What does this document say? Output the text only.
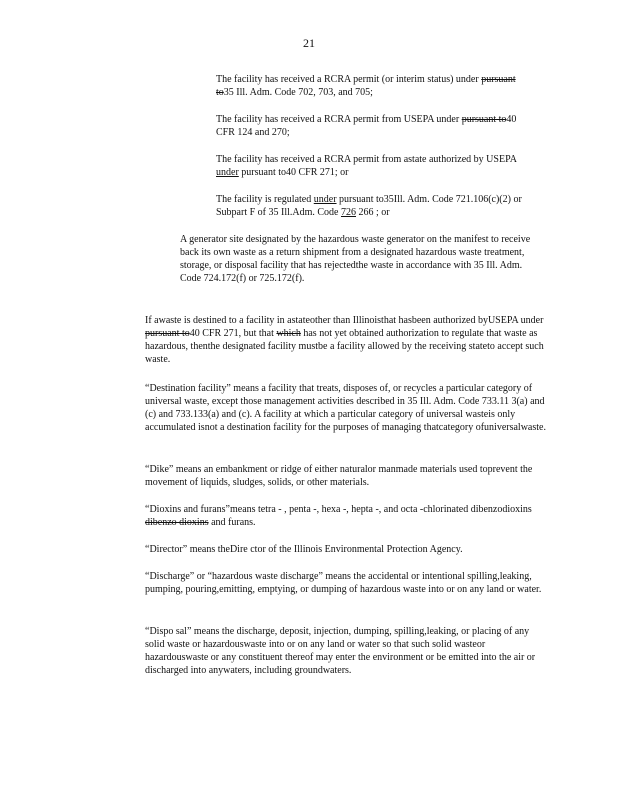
21

The facility has received a RCRA permit (or interim status) under pursuant to35 Ill. Adm. Code 702, 703, and 705;

The facility has received a RCRA permit from USEPA under pursuant to40 CFR 124 and 270;

The facility has received a RCRA permit from astate authorized by USEPA under pursuant to40 CFR 271; or

The facility is regulated under pursuant to35Ill. Adm. Code 721.106(c)(2) or Subpart F of 35 Ill.Adm. Code 726 266 ; or

A generator site designated by the hazardous waste generator on the manifest to receive back its own waste as a return shipment from a designated hazardous waste treatment, storage, or disposal facility that has rejectedthe waste in accordance with 35 Ill. Adm. Code 724.172(f) or 725.172(f).

If awaste is destined to a facility in astateother than Illinoisthat hasbeen authorized byUSEPA under pursuant to40 CFR 271, but that which has not yet obtained authorization to regulate that waste as hazardous, thenthe designated facility mustbe a facility allowed by the receiving stateto accept such waste.

“Destination facility” means a facility that treats, disposes of, or recycles a particular category of universal waste, except those management activities described in 35 Ill. Adm. Code 733.11 3(a) and (c) and 733.133(a) and (c). A facility at which a particular category of universal wasteis only accumulated isnot a destination facility for the purposes of managing thatcategory ofuniversalwaste.

“Dike” means an embankment or ridge of either naturalor manmade materials used toprevent the movement of liquids, sludges, solids, or other materials.

“Dioxins and furans”means tetra - , penta -, hexa -, hepta -, and octa -chlorinated dibenzodioxins dibenzo dioxins and furans.

“Director” means theDire ctor of the Illinois Environmental Protection Agency.

“Discharge” or “hazardous waste discharge” means the accidental or intentional spilling,leaking, pumping, pouring,emitting, emptying, or dumping of hazardous waste into or on any land or water.

“Dispo sal” means the discharge, deposit, injection, dumping, spilling,leaking, or placing of any solid waste or hazardouswaste into or on any land or water so that such solid wasteor hazardouswaste or any constituent thereof may enter the environment or be emitted into the air or discharged into anywaters, including groundwaters.
